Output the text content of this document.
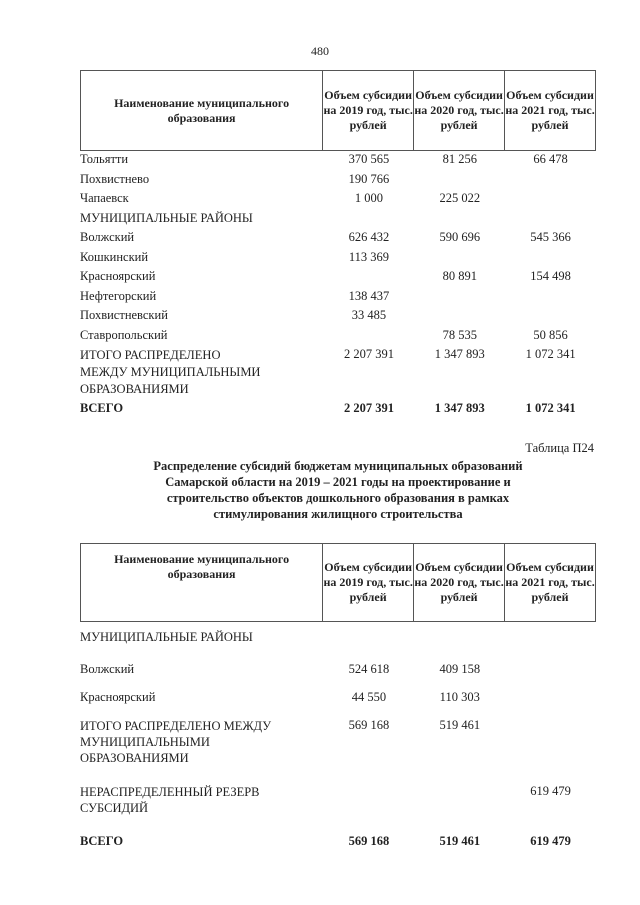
480
Наименование муниципального образования	Объем субсидии на 2019 год, тыс. рублей	Объем субсидии на 2020 год, тыс. рублей	Объем субсидии на 2021 год, тыс. рублей
Тольятти	370 565	81 256	66 478
Похвистнево	190 766		
Чапаевск	1 000	225 022	
МУНИЦИПАЛЬНЫЕ РАЙОНЫ			
Волжский	626 432	590 696	545 366
Кошкинский	113 369		
Красноярский		80 891	154 498
Нефтегорский	138 437		
Похвистневский	33 485		
Ставропольский		78 535	50 856

ИТОГО РАСПРЕДЕЛЕНО
МЕЖДУ МУНИЦИПАЛЬНЫМИ
ОБРАЗОВАНИЯМИ	2 207 391	1 347 893	1 072 341
ВСЕГО	2 207 391	1 347 893	1 072 341
Таблица П24
Распределение субсидий бюджетам муниципальных образований
Самарской области на 2019 – 2021 годы на проектирование и
строительство объектов дошкольного образования в рамках
стимулирования жилищного строительства
Наименование муниципального образования	Объем субсидии на 2019 год, тыс. рублей	Объем субсидии на 2020 год, тыс. рублей	Объем субсидии на 2021 год, тыс. рублей
МУНИЦИПАЛЬНЫЕ РАЙОНЫ			
Волжский	524 618	409 158	
Красноярский	44 550	110 303	

ИТОГО РАСПРЕДЕЛЕНО МЕЖДУ
МУНИЦИПАЛЬНЫМИ
ОБРАЗОВАНИЯМИ	569 168	519 461	

НЕРАСПРЕДЕЛЕННЫЙ РЕЗЕРВ
СУБСИДИЙ			619 479
ВСЕГО	569 168	519 461	619 479
